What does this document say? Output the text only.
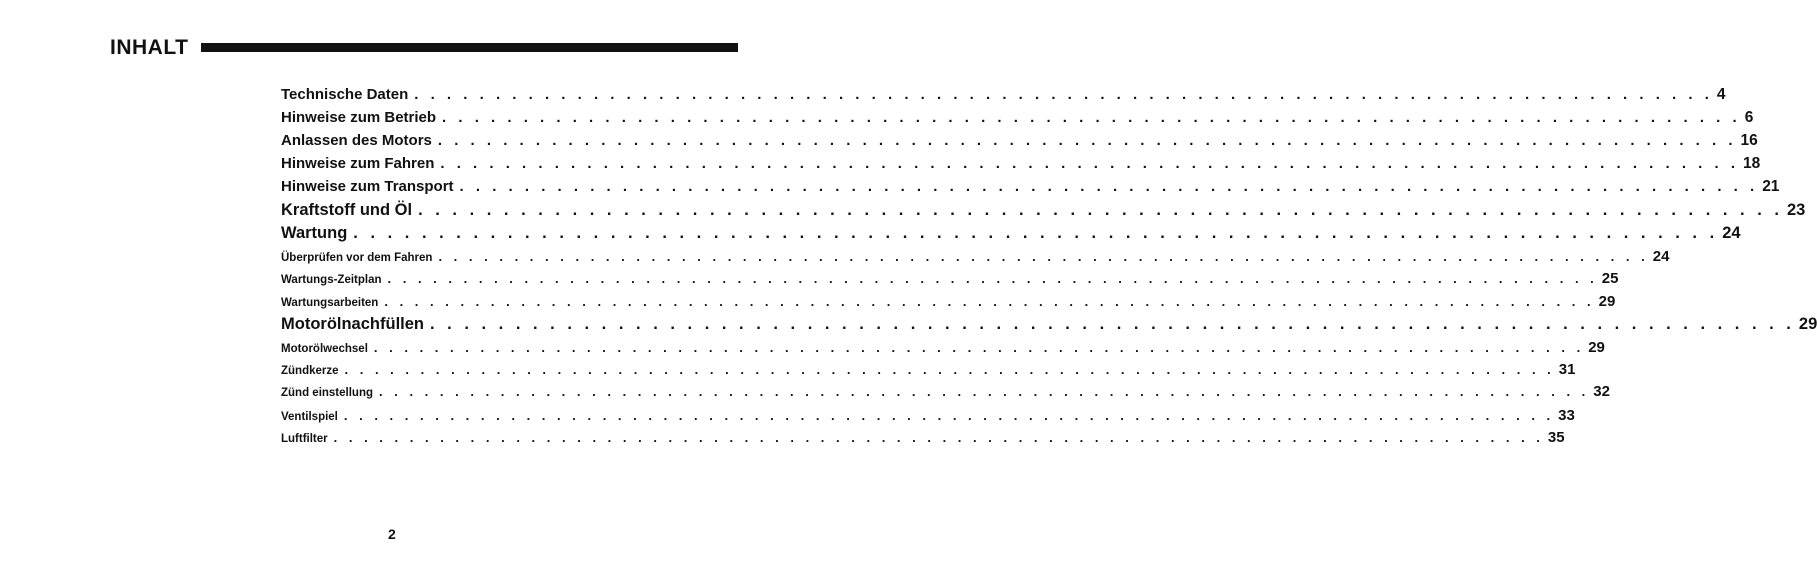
INHALT
Technische Daten . . . . . . . . . . . . . . . . . . . . . . . . . . . . . . . . . . . . . . . . . . . . . . . . . . . . . . . . . . . . . . . . . . . . . . . . . . . . . . . . 4
Hinweise zum Betrieb . . . . . . . . . . . . . . . . . . . . . . . . . . . . . . . . . . . . . . . . . . . . . . . . . . . . . . . . . . . . . . . . . . . . . . . . . . . . . . . . 6
Anlassen des Motors . . . . . . . . . . . . . . . . . . . . . . . . . . . . . . . . . . . . . . . . . . . . . . . . . . . . . . . . . . . . . . . . . . . . . . . . . . . . . . . . 16
Hinweise zum Fahren . . . . . . . . . . . . . . . . . . . . . . . . . . . . . . . . . . . . . . . . . . . . . . . . . . . . . . . . . . . . . . . . . . . . . . . . . . . . . . . . 18
Hinweise zum Transport . . . . . . . . . . . . . . . . . . . . . . . . . . . . . . . . . . . . . . . . . . . . . . . . . . . . . . . . . . . . . . . . . . . . . . . . . . . . . . . . 21
Kraftstoff und Öl . . . . . . . . . . . . . . . . . . . . . . . . . . . . . . . . . . . . . . . . . . . . . . . . . . . . . . . . . . . . . . . . . . . . . . . . . . . . . . . . 23
Wartung . . . . . . . . . . . . . . . . . . . . . . . . . . . . . . . . . . . . . . . . . . . . . . . . . . . . . . . . . . . . . . . . . . . . . . . . . . . . . . . . 24
Überprüfen vor dem Fahren . . . . . . . . . . . . . . . . . . . . . . . . . . . . . . . . . . . . . . . . . . . . . . . . . . . . . . . . . . . . . . . . . . . . . . . . . . . . . . . . 24
Wartungs-Zeitplan . . . . . . . . . . . . . . . . . . . . . . . . . . . . . . . . . . . . . . . . . . . . . . . . . . . . . . . . . . . . . . . . . . . . . . . . . . . . . . . . 25
Wartungsarbeiten . . . . . . . . . . . . . . . . . . . . . . . . . . . . . . . . . . . . . . . . . . . . . . . . . . . . . . . . . . . . . . . . . . . . . . . . . . . . . . . . 29
Motorölnachfüllen . . . . . . . . . . . . . . . . . . . . . . . . . . . . . . . . . . . . . . . . . . . . . . . . . . . . . . . . . . . . . . . . . . . . . . . . . . . . . . . . 29
Motorölwechsel . . . . . . . . . . . . . . . . . . . . . . . . . . . . . . . . . . . . . . . . . . . . . . . . . . . . . . . . . . . . . . . . . . . . . . . . . . . . . . . . 29
Zündkerze . . . . . . . . . . . . . . . . . . . . . . . . . . . . . . . . . . . . . . . . . . . . . . . . . . . . . . . . . . . . . . . . . . . . . . . . . . . . . . . . 31
Zünd einstellung . . . . . . . . . . . . . . . . . . . . . . . . . . . . . . . . . . . . . . . . . . . . . . . . . . . . . . . . . . . . . . . . . . . . . . . . . . . . . . . . 32
Ventilspiel . . . . . . . . . . . . . . . . . . . . . . . . . . . . . . . . . . . . . . . . . . . . . . . . . . . . . . . . . . . . . . . . . . . . . . . . . . . . . . . . 33
Luftfilter . . . . . . . . . . . . . . . . . . . . . . . . . . . . . . . . . . . . . . . . . . . . . . . . . . . . . . . . . . . . . . . . . . . . . . . . . . . . . . . . 35
2
